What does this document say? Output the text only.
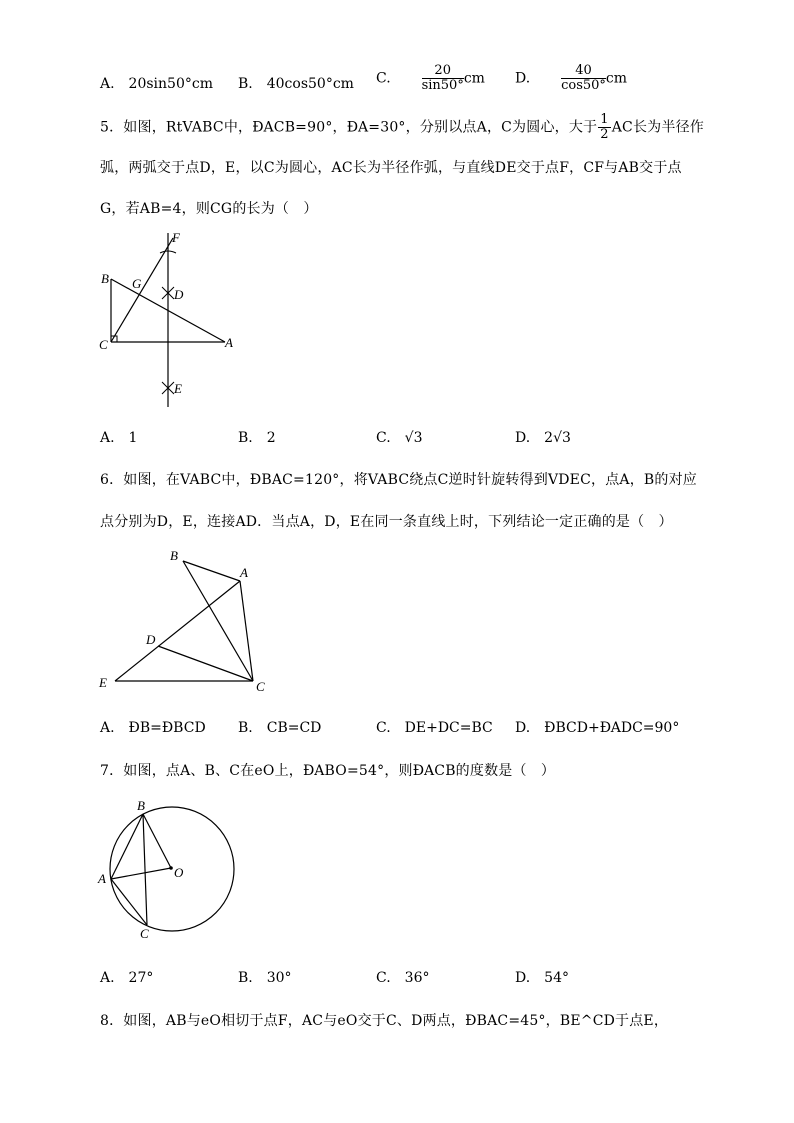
A.　20sin50°cm B.　40cos50°cm C. $\frac{20}{\sin 50^\circ}$ cm D. $\frac{40}{\cos 50^\circ}$ cm
5．如图，RtVABC中，ÐACB=90°，ÐA=30°，分别以点A，C为圆心，大于 $\frac{1}{2}$ AC长为半径作
弧，两弧交于点D，E，以C为圆心，AC长为半径作弧，与直线DE交于点F，CF与AB交于点
G，若AB=4，则CG的长为（　）
F
B G
D
C	A
E
A.　1	B.　2	C.　√3	D.　2√3
6．如图，在VABC中，ÐBAC=120°，将VABC绕点C逆时针旋转得到VDEC，点A，B的对应
点分别为D，E，连接AD．当点A，D，E在同一条直线上时，下列结论一定正确的是（　）
B
A
D
E	C
A.　ÐB=ÐBCD B.　CB=CD	C.　DE+DC=BC D.　ÐBCD+ÐADC=90°
7．如图，点A、B、C在eO上，ÐABO=54°，则ÐACB的度数是（　）
B
A	O
C
A.　27°	B.　30°	C.　36°	D.　54°
8．如图，AB与eO相切于点F，AC与eO交于C、D两点，ÐBAC=45°，BE^CD于点E，
